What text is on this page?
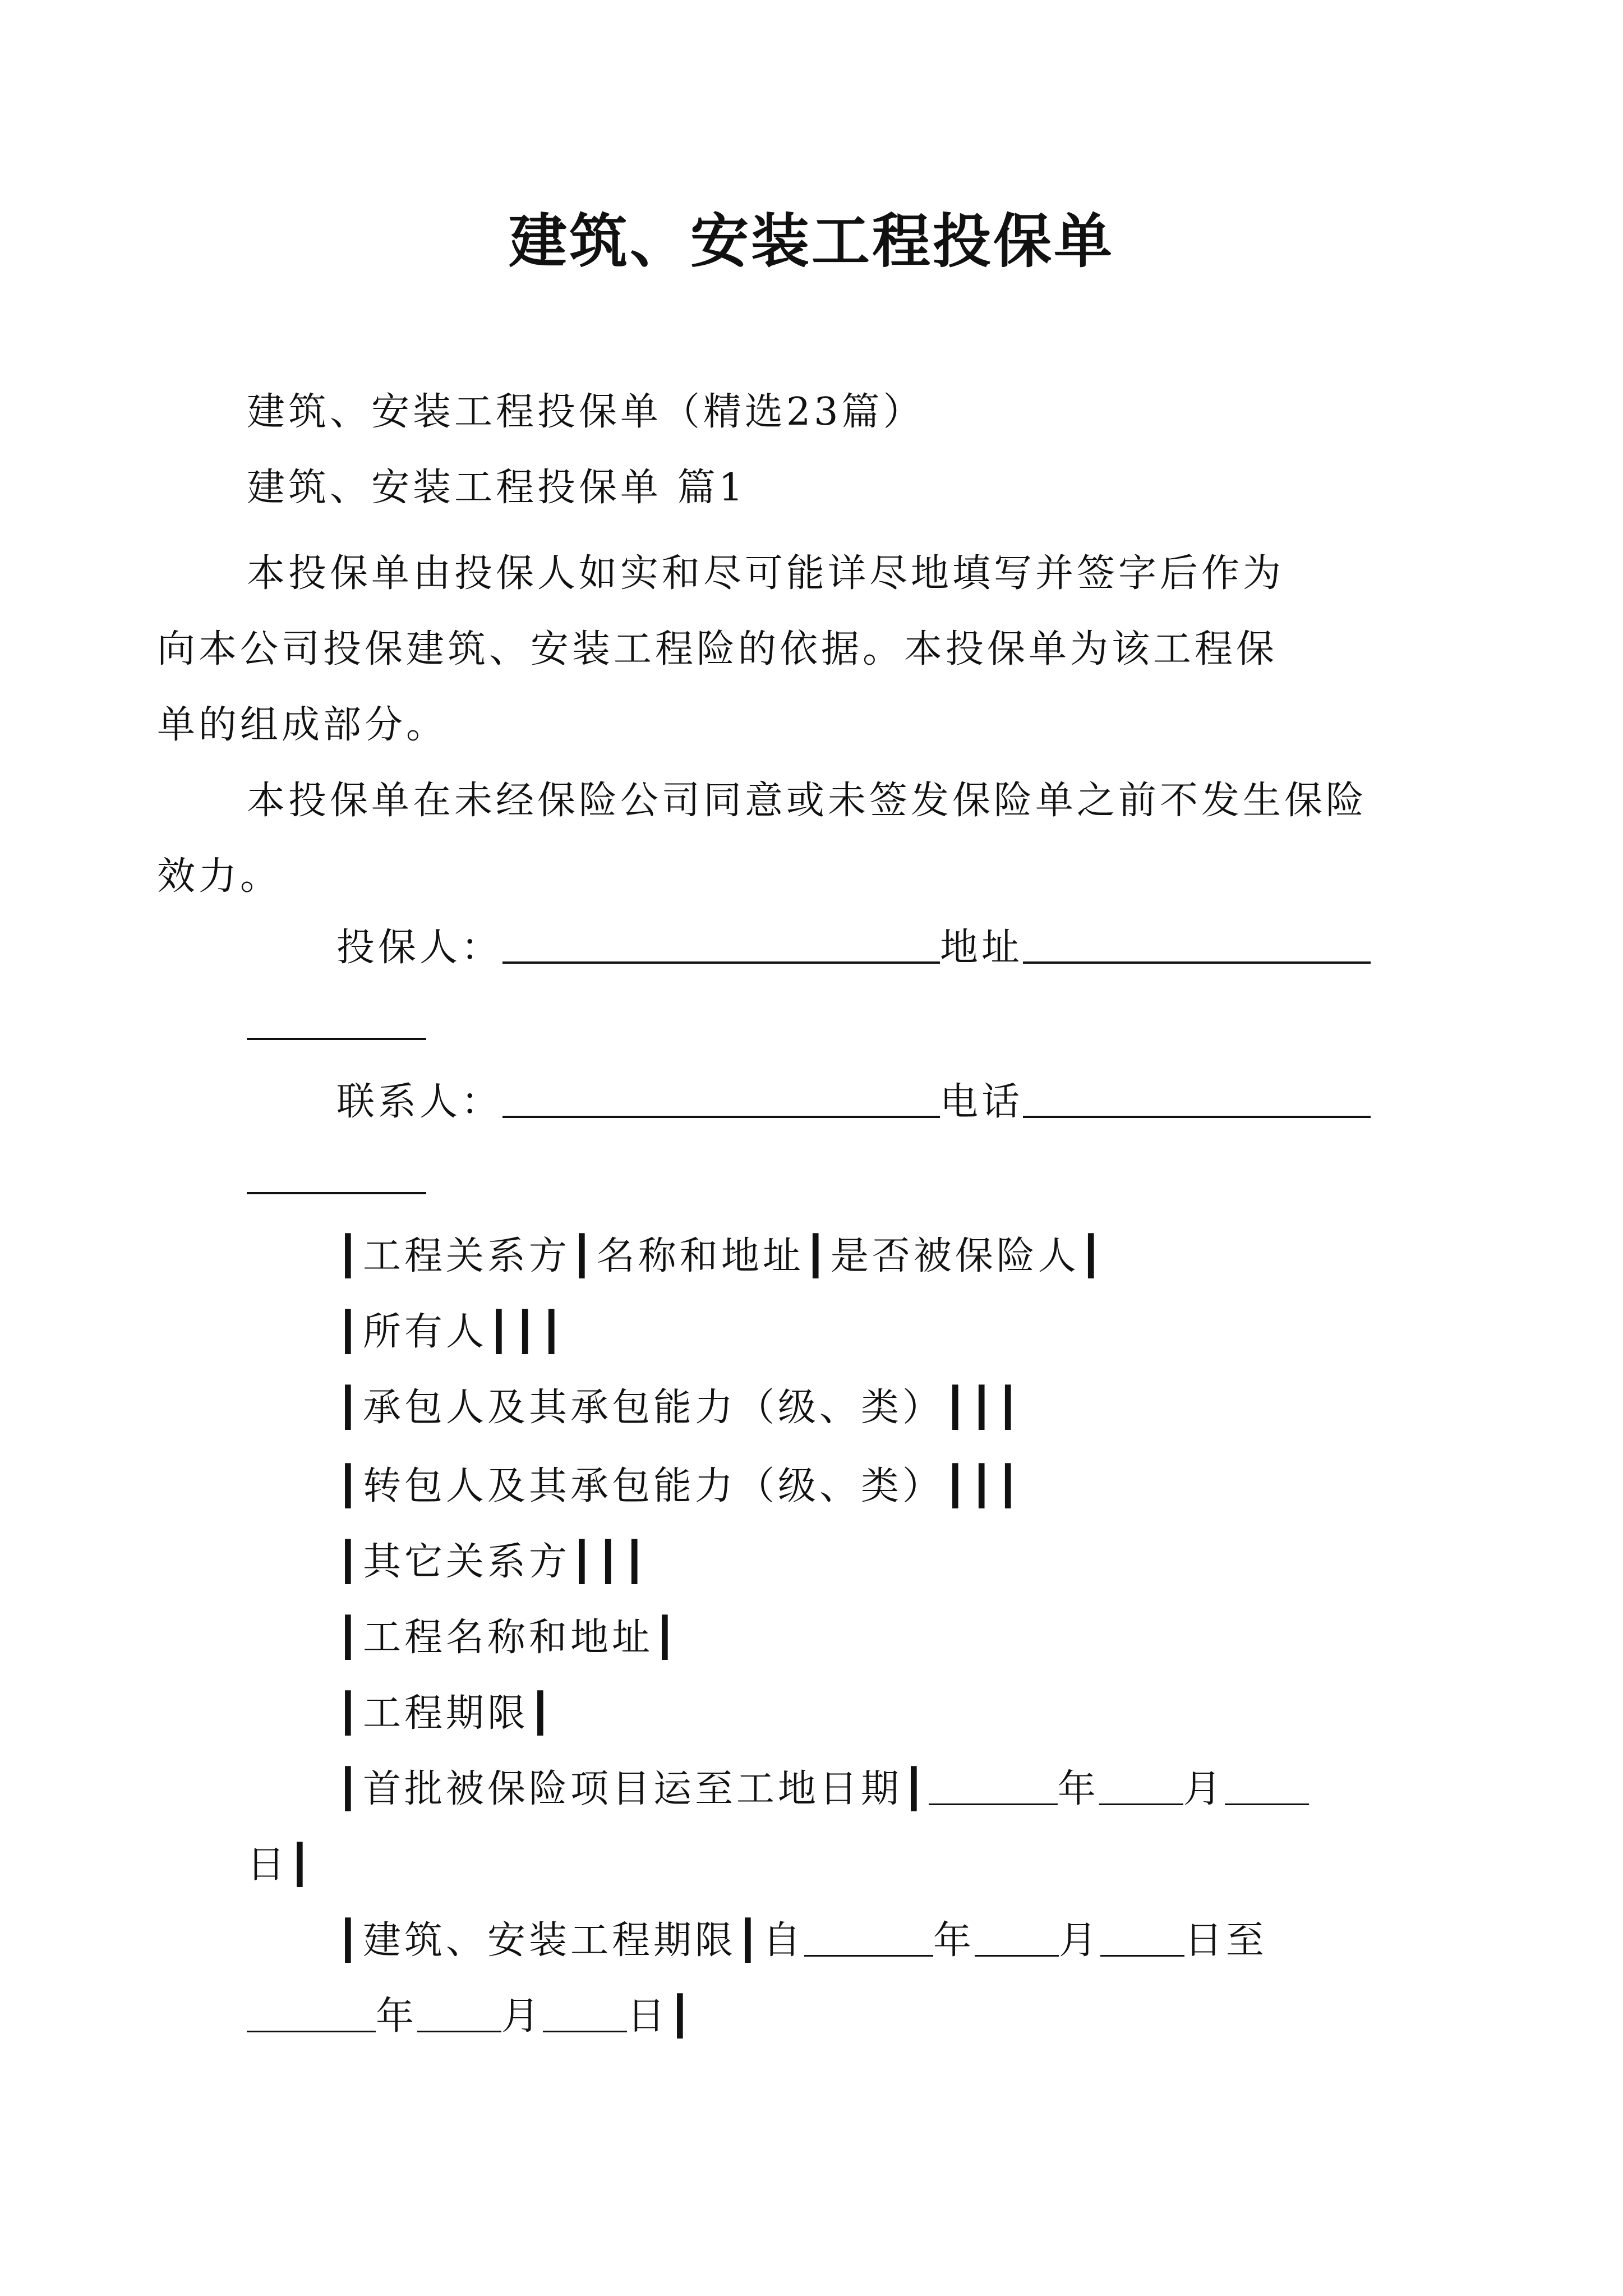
建筑、安装工程投保单
建筑、安装工程投保单（精选23篇）
建筑、安装工程投保单 篇1
本投保单由投保人如实和尽可能详尽地填写并签字后作为向本公司投保建筑、安装工程险的依据。本投保单为该工程保单的组成部分。
本投保单在未经保险公司同意或未签发保险单之前不发生保险效力。
投保人：	地址
联系人：	电话
┃工程关系方┃名称和地址┃是否被保险人┃
┃所有人┃┃┃
┃承包人及其承包能力（级、类）┃┃┃
┃转包人及其承包能力（级、类）┃┃┃
┃其它关系方┃┃┃
┃工程名称和地址┃
┃工程期限┃
┃首批被保险项目运至工地日期┃	年 月
日┃
┃建筑、安装工程期限┃自	年 月 日至
年 月 日┃
